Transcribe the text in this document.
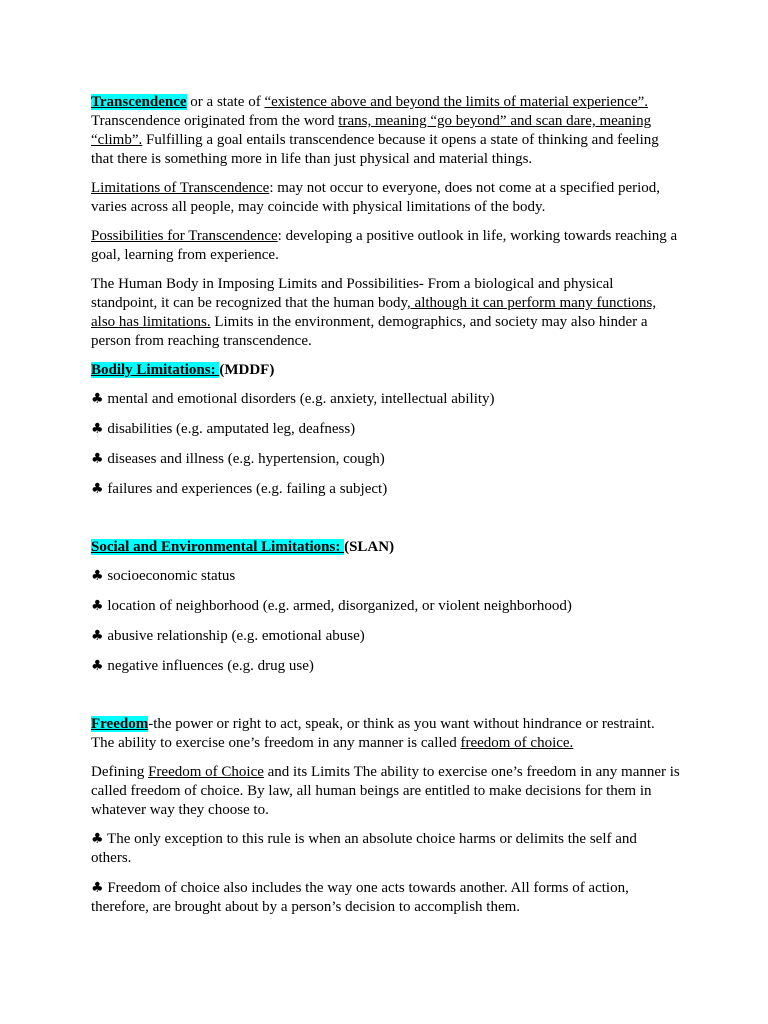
Transcendence or a state of “existence above and beyond the limits of material experience”. Transcendence originated from the word trans, meaning “go beyond” and scan dare, meaning “climb”. Fulfilling a goal entails transcendence because it opens a state of thinking and feeling that there is something more in life than just physical and material things.

Limitations of Transcendence: may not occur to everyone, does not come at a specified period, varies across all people, may coincide with physical limitations of the body.

Possibilities for Transcendence: developing a positive outlook in life, working towards reaching a goal, learning from experience.

The Human Body in Imposing Limits and Possibilities- From a biological and physical standpoint, it can be recognized that the human body, although it can perform many functions, also has limitations. Limits in the environment, demographics, and society may also hinder a person from reaching transcendence.

Bodily Limitations: (MDDF)

♣ mental and emotional disorders (e.g. anxiety, intellectual ability)

♣ disabilities (e.g. amputated leg, deafness)

♣ diseases and illness (e.g. hypertension, cough)

♣ failures and experiences (e.g. failing a subject)

Social and Environmental Limitations: (SLAN)

♣ socioeconomic status

♣ location of neighborhood (e.g. armed, disorganized, or violent neighborhood)

♣ abusive relationship (e.g. emotional abuse)

♣ negative influences (e.g. drug use)

Freedom-the power or right to act, speak, or think as you want without hindrance or restraint. The ability to exercise one’s freedom in any manner is called freedom of choice.

Defining Freedom of Choice and its Limits The ability to exercise one’s freedom in any manner is called freedom of choice. By law, all human beings are entitled to make decisions for them in whatever way they choose to.

♣ The only exception to this rule is when an absolute choice harms or delimits the self and others.

♣ Freedom of choice also includes the way one acts towards another. All forms of action, therefore, are brought about by a person’s decision to accomplish them.
